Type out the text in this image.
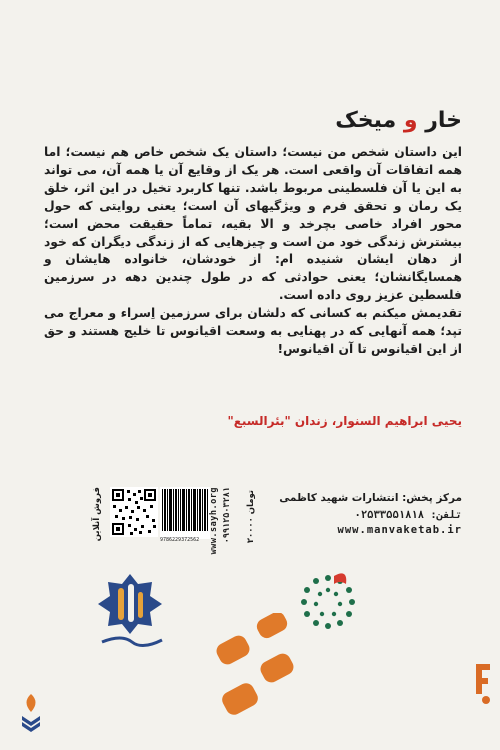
خار و میخک

این داستان شخص من نیست؛ داستان یک شخص خاص هم نیست؛ اما همه اتفاقات آن واقعی است. هر یک از وقایع آن یا همه آن، می تواند به این یا آن فلسطینی مربوط باشد. تنها کاربرد تخیل در این اثر، خلق یک رمان و تحقق فرم و ویژگیهای آن است؛ یعنی روایتی که حول محور افراد خاصی بچرخد و الا بقیه، تماماً حقیقت محض است؛ بیشترش زندگی خود من است و چیزهایی که از زندگی دیگران که خود از دهان ایشان شنیده ام: از خودشان، خانواده هایشان و همسایگانشان؛ یعنی حوادثی که در طول چندین دهه در سرزمین فلسطین عزیز روی داده است.

تقدیمش میکنم به کسانی که دلشان برای سرزمین اِسراء و معراج می تپد؛ همه آنهایی که در پهنایی به وسعت اقیانوس تا خلیج هستند و حق از این اقیانوس تا آن اقیانوس!

یحیی ابراهیم السنوار، زندان "بئرالسبع"
فروش آنلاین	9786229372562 www.sayh.org ۰۹۹۱۲۵۰۳۲۸۱ ۲۰۰۰۰ تومان مرکز پخش: انتشارات شهید کاظمی
تلفن: ۰۲۵۳۳۵۵۱۸۱۸
www.manvaketab.ir
